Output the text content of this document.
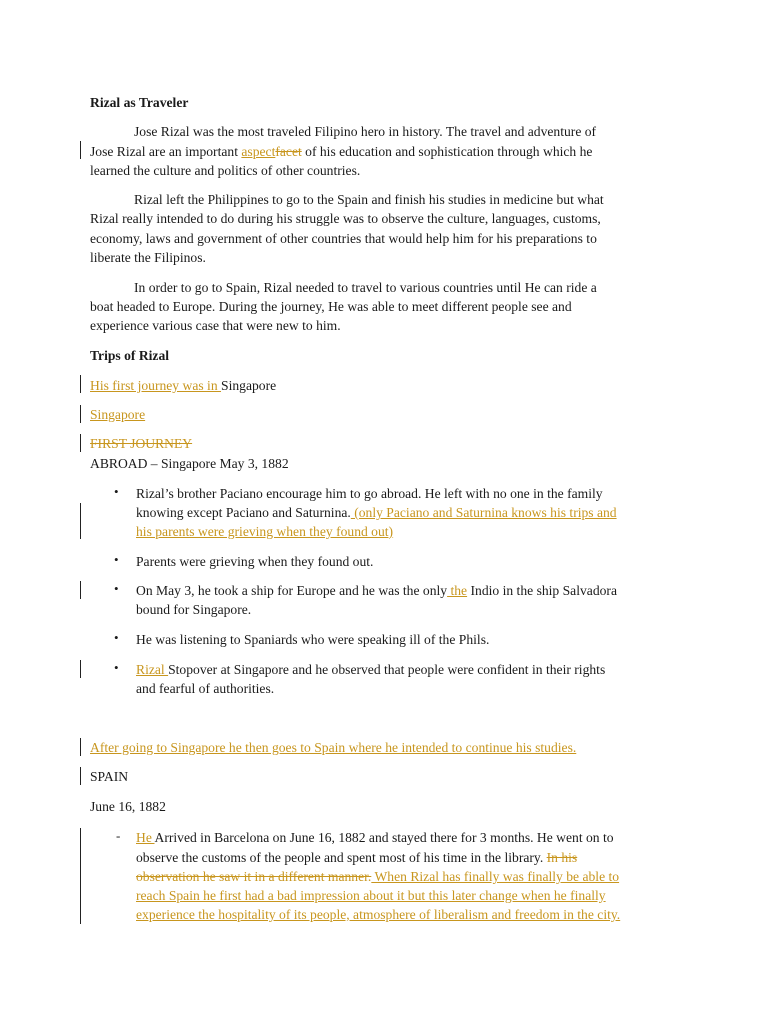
Rizal as Traveler
Jose Rizal was the most traveled Filipino hero in history. The travel and adventure of
Jose Rizal are an important aspectfacet of his education and sophistication through which he
learned the culture and politics of other countries.
Rizal left the Philippines to go to the Spain and finish his studies in medicine but what
Rizal really intended to do during his struggle was to observe the culture, languages, customs,
economy, laws and government of other countries that would help him for his preparations to
liberate the Filipinos.
In order to go to Spain, Rizal needed to travel to various countries until He can ride a
boat headed to Europe. During the journey, He was able to meet different people see and
experience various case that were new to him.
Trips of Rizal
His first journey was in Singapore
Singapore
FIRST JOURNEY
ABROAD – Singapore May 3, 1882
• Rizal’s brother Paciano encourage him to go abroad. He left with no one in the family
knowing except Paciano and Saturnina. (only Paciano and Saturnina knows his trips and
his parents were grieving when they found out)
• Parents were grieving when they found out.
• On May 3, he took a ship for Europe and he was the only the Indio in the ship Salvadora
bound for Singapore.
• He was listening to Spaniards who were speaking ill of the Phils.
• Rizal Stopover at Singapore and he observed that people were confident in their rights
and fearful of authorities.
After going to Singapore he then goes to Spain where he intended to continue his studies.
SPAIN
June 16, 1882
- He Arrived in Barcelona on June 16, 1882 and stayed there for 3 months. He went on to
observe the customs of the people and spent most of his time in the library. In his
observation he saw it in a different manner. When Rizal has finally was finally be able to
reach Spain he first had a bad impression about it but this later change when he finally
experience the hospitality of its people, atmosphere of liberalism and freedom in the city.
